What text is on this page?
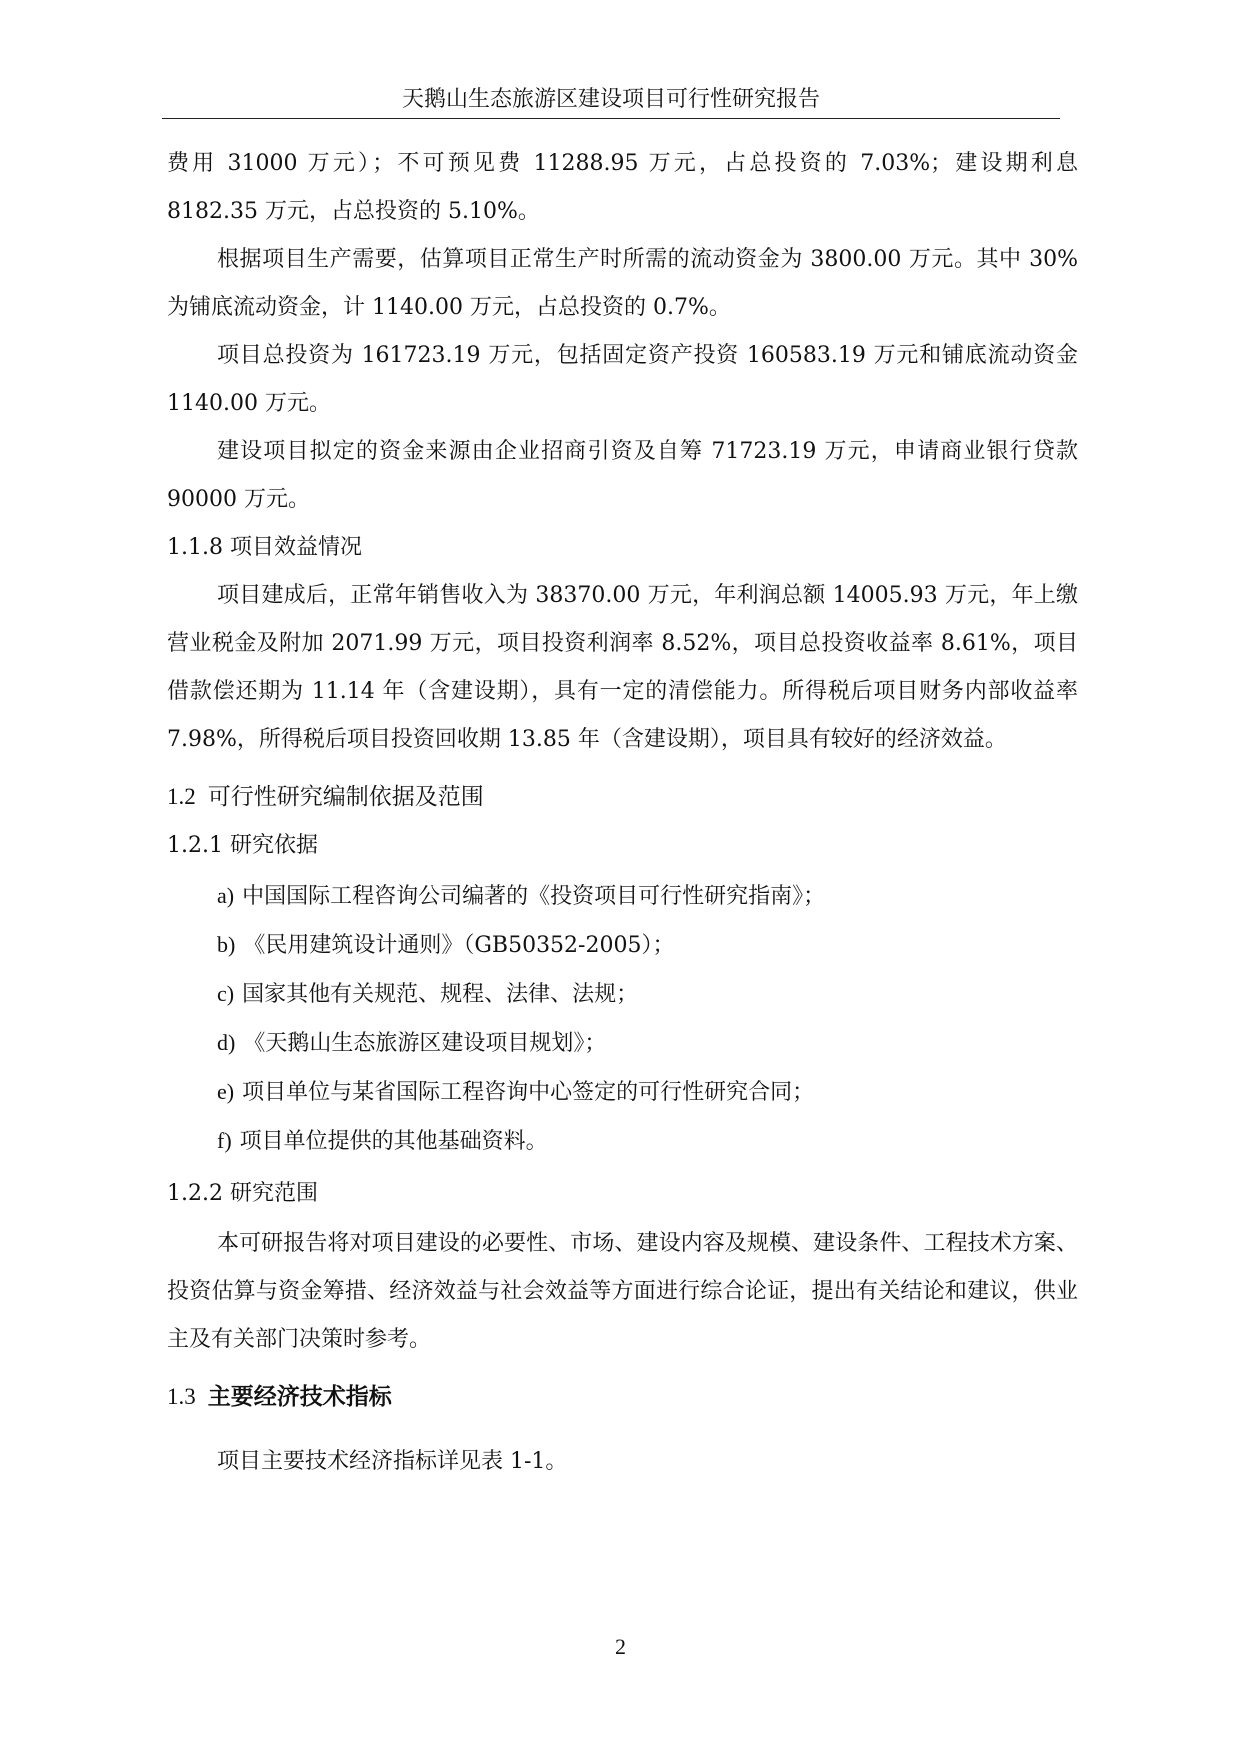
天鹅山生态旅游区建设项目可行性研究报告

费用 31000 万元）；不可预见费 11288.95 万元，占总投资的 7.03%；建设期利息 8182.35 万元，占总投资的 5.10%。

根据项目生产需要，估算项目正常生产时所需的流动资金为 3800.00 万元。其中 30%为铺底流动资金，计 1140.00 万元，占总投资的 0.7%。

项目总投资为 161723.19 万元，包括固定资产投资 160583.19 万元和铺底流动资金 1140.00 万元。

建设项目拟定的资金来源由企业招商引资及自筹 71723.19 万元，申请商业银行贷款 90000 万元。

1.1.8 项目效益情况

项目建成后，正常年销售收入为 38370.00 万元，年利润总额 14005.93 万元，年上缴营业税金及附加 2071.99 万元，项目投资利润率 8.52%，项目总投资收益率 8.61%，项目借款偿还期为 11.14 年（含建设期），具有一定的清偿能力。所得税后项目财务内部收益率 7.98%，所得税后项目投资回收期 13.85 年（含建设期），项目具有较好的经济效益。

1.2 可行性研究编制依据及范围

1.2.1 研究依据

a) 中国国际工程咨询公司编著的《投资项目可行性研究指南》；

b) 《民用建筑设计通则》（GB50352-2005）；

c) 国家其他有关规范、规程、法律、法规；

d) 《天鹅山生态旅游区建设项目规划》；

e) 项目单位与某省国际工程咨询中心签定的可行性研究合同；

f) 项目单位提供的其他基础资料。

1.2.2 研究范围

本可研报告将对项目建设的必要性、市场、建设内容及规模、建设条件、工程技术方案、投资估算与资金筹措、经济效益与社会效益等方面进行综合论证，提出有关结论和建议，供业主及有关部门决策时参考。

1.3 主要经济技术指标

项目主要技术经济指标详见表 1-1。

2
